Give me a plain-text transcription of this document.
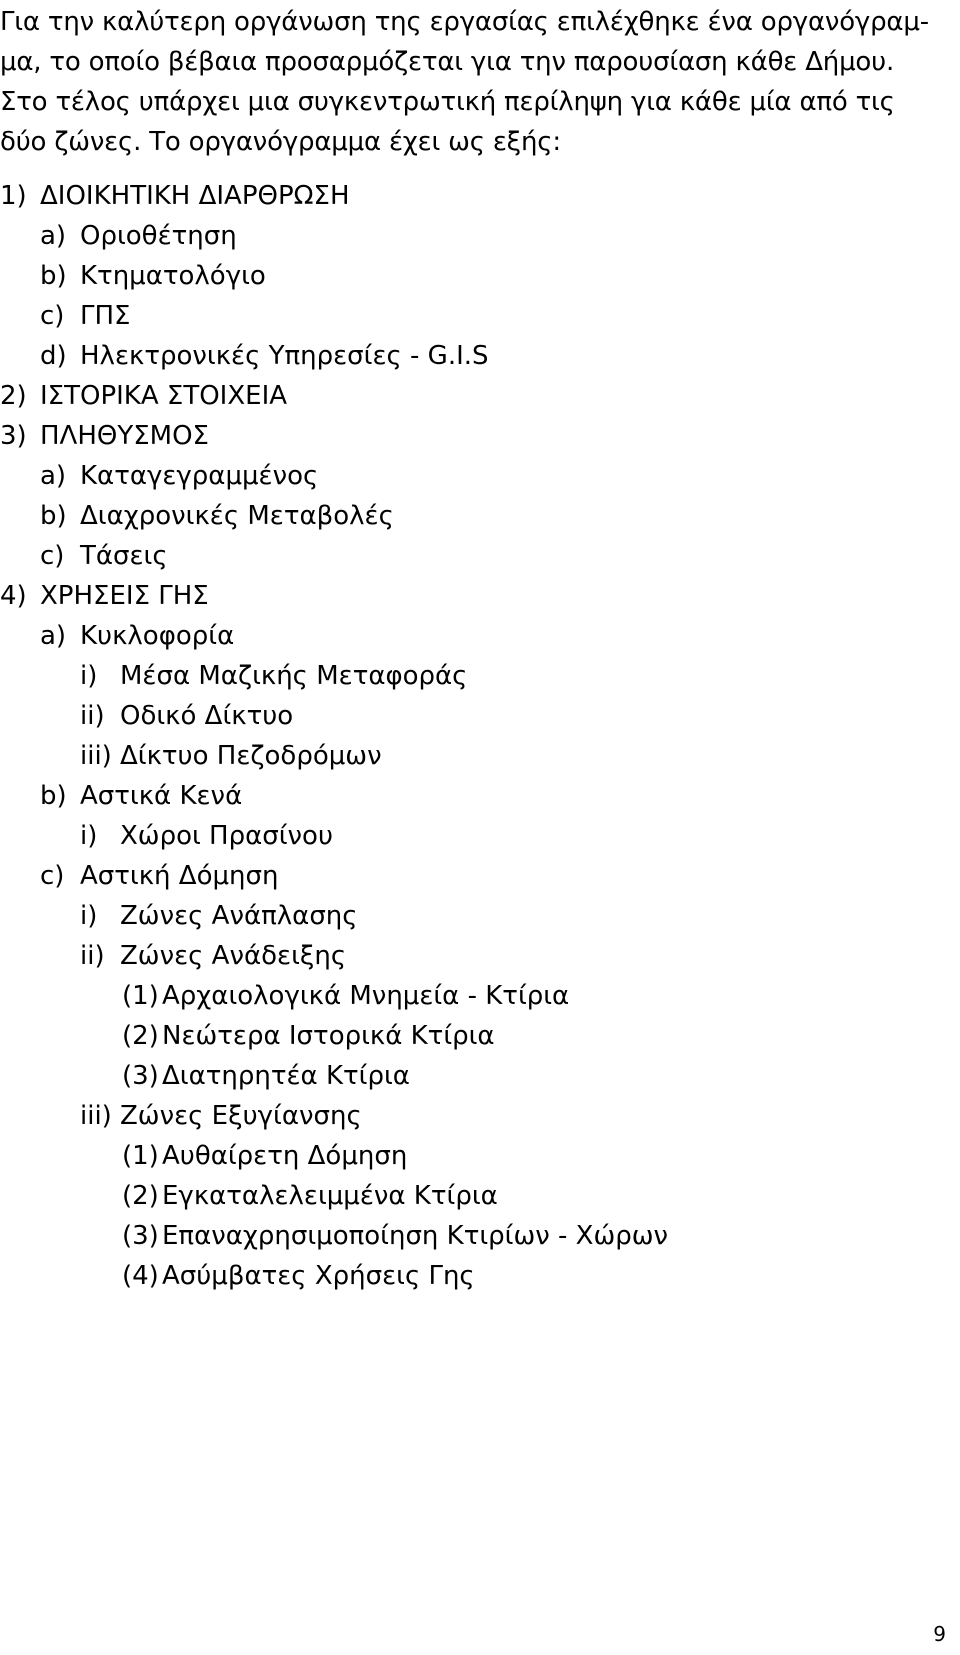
Για την καλύτερη οργάνωση της εργασίας επιλέχθηκε ένα οργανόγραμ-
μα, το οποίο βέβαια προσαρμόζεται για την παρουσίαση κάθε Δήμου.
Στο τέλος υπάρχει μια συγκεντρωτική περίληψη για κάθε μία από τις
δύο ζώνες. Το οργανόγραμμα έχει ως εξής:
1) ΔΙΟΙΚΗΤΙΚΗ ΔΙΑΡΘΡΩΣΗ
a) Οριοθέτηση
b) Κτηματολόγιο
c) ΓΠΣ
d) Ηλεκτρονικές Υπηρεσίες - G.I.S
2) ΙΣΤΟΡΙΚΑ ΣΤΟΙΧΕΙΑ
3) ΠΛΗΘΥΣΜΟΣ
a) Καταγεγραμμένος
b) Διαχρονικές Μεταβολές
c) Τάσεις
4) ΧΡΗΣΕΙΣ ΓΗΣ
a) Κυκλοφορία
i) Μέσα Μαζικής Μεταφοράς
ii) Οδικό Δίκτυο
iii) Δίκτυο Πεζοδρόμων
b) Αστικά Κενά
i) Χώροι Πρασίνου
c) Αστική Δόμηση
i) Ζώνες Ανάπλασης
ii) Ζώνες Ανάδειξης
(1) Αρχαιολογικά Μνημεία - Κτίρια
(2) Νεώτερα Ιστορικά Κτίρια
(3) Διατηρητέα Κτίρια
iii) Ζώνες Εξυγίανσης
(1) Αυθαίρετη Δόμηση
(2) Εγκαταλελειμμένα Κτίρια
(3) Επαναχρησιμοποίηση Κτιρίων - Χώρων
(4) Ασύμβατες Χρήσεις Γης
9
